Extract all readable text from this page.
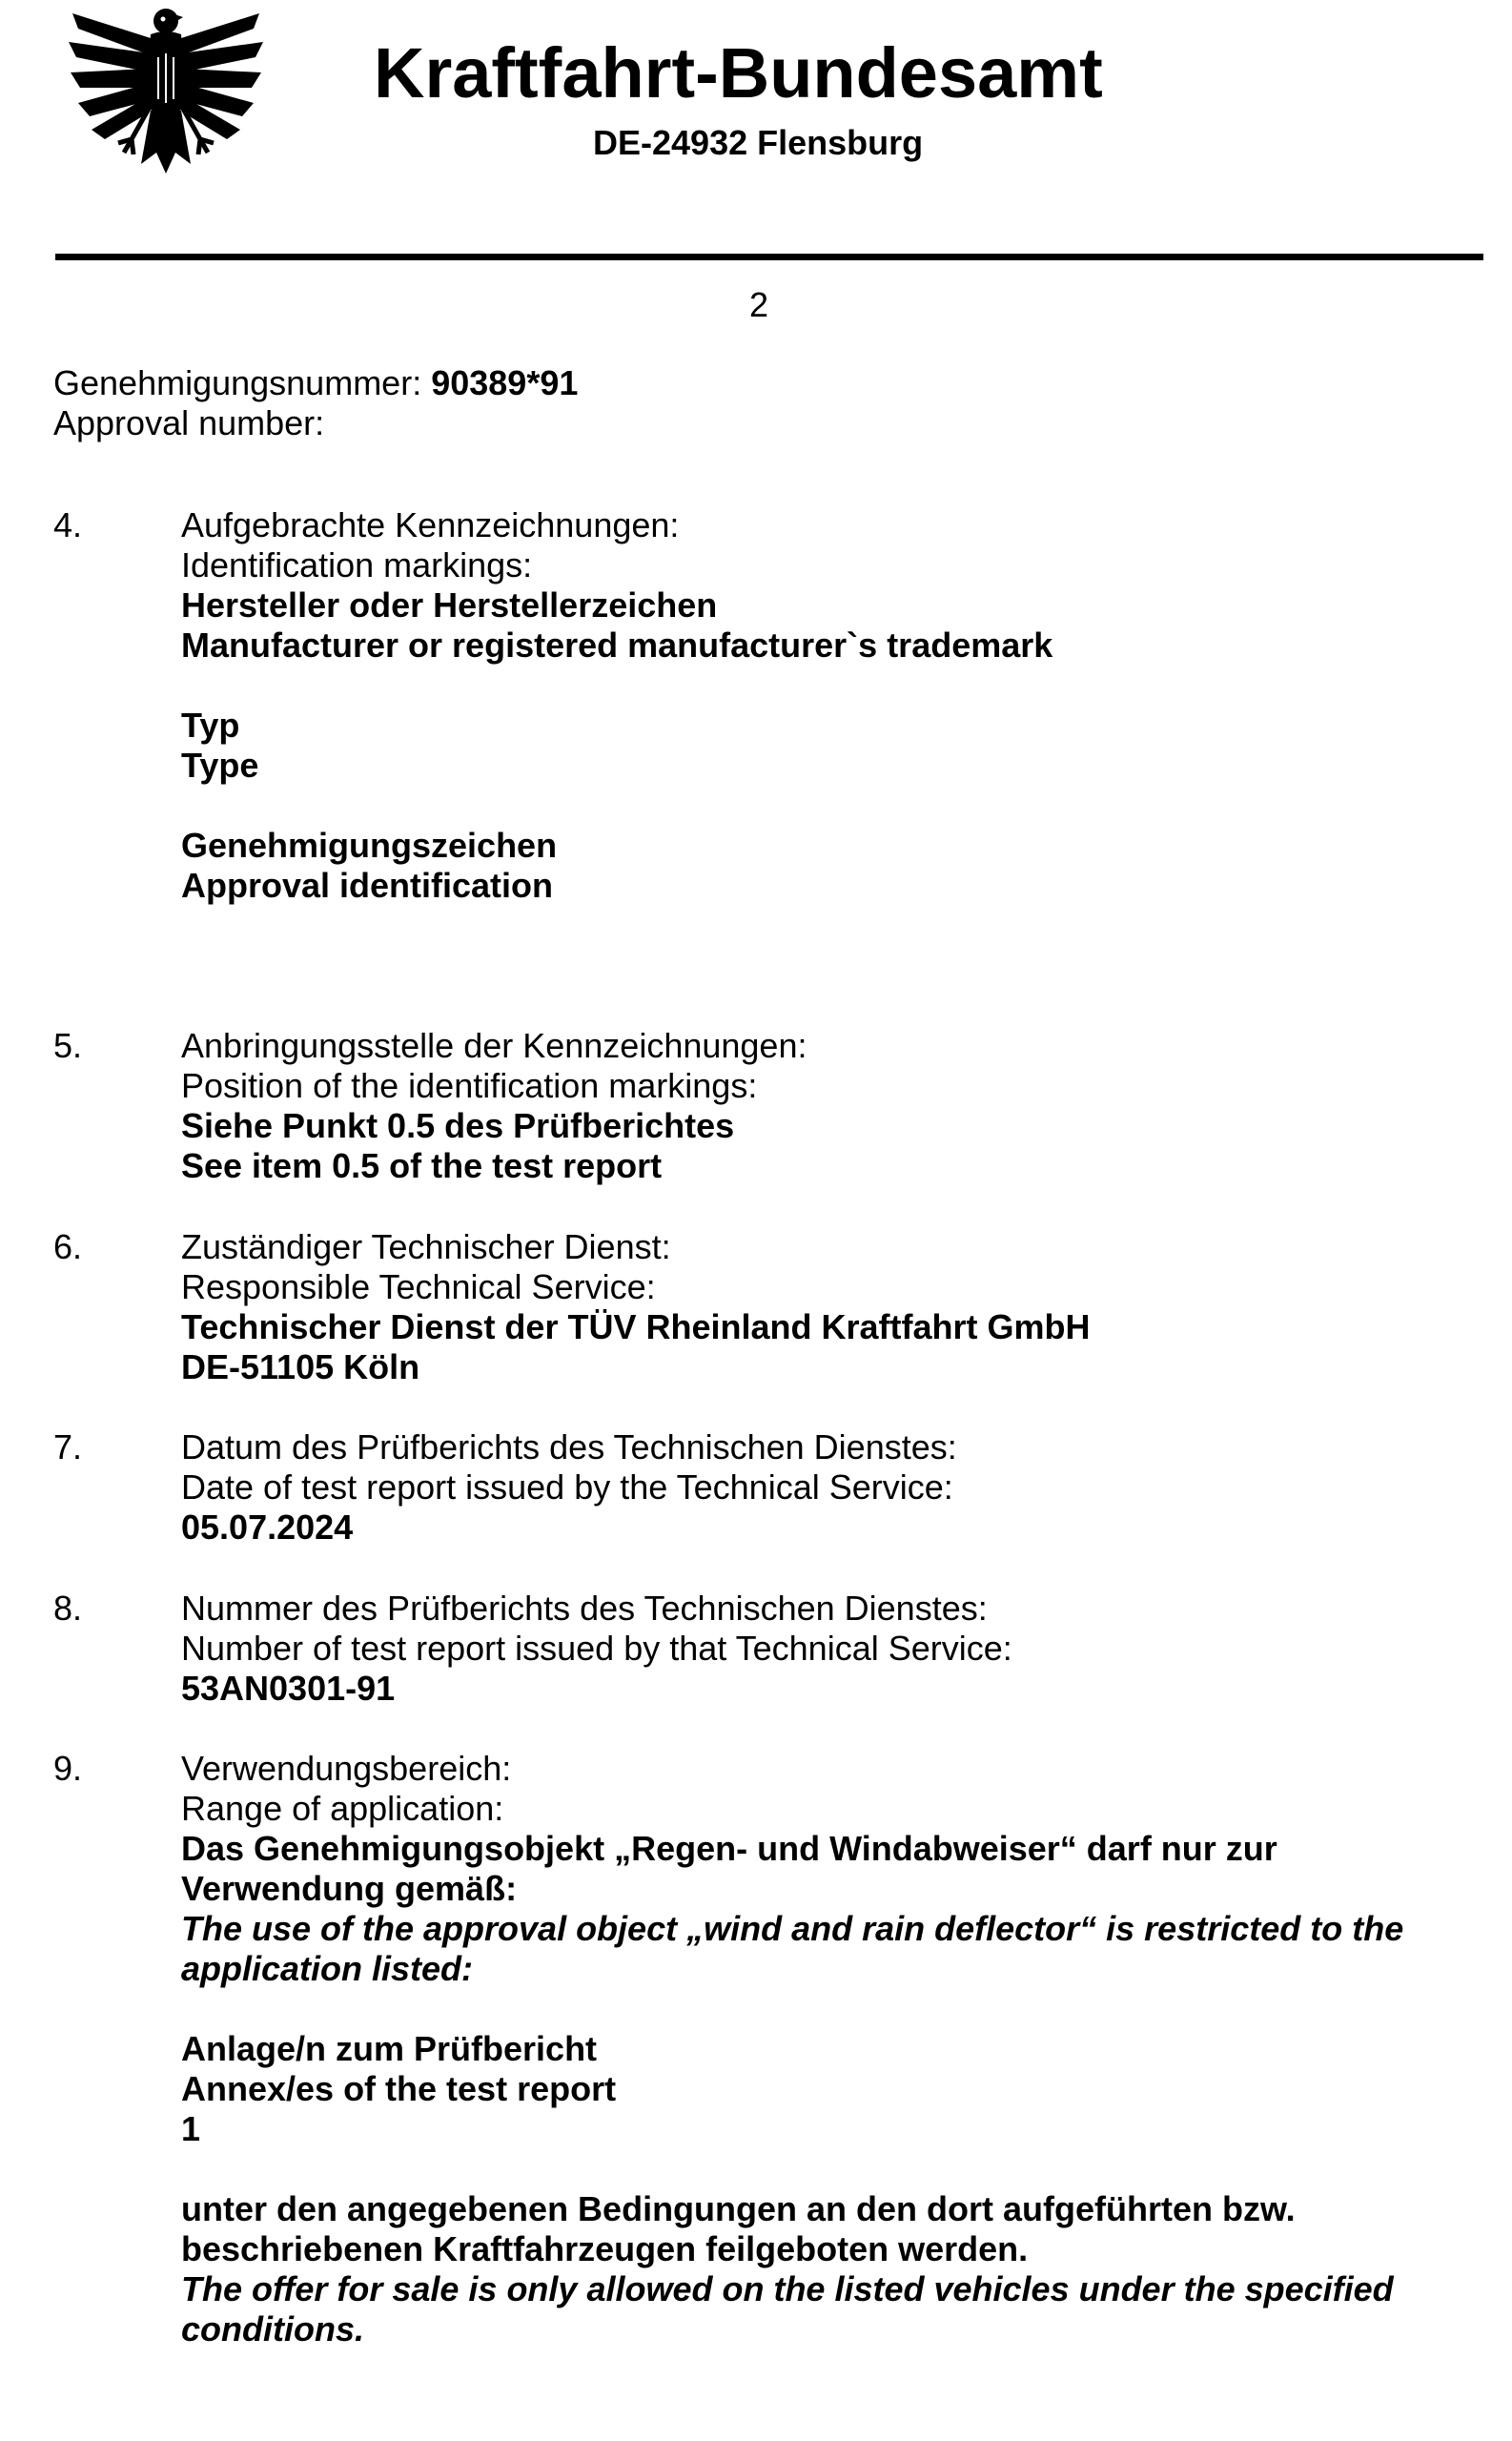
Kraftfahrt-Bundesamt
DE-24932 Flensburg
2
Genehmigungsnummer: 90389*91
Approval number:
4.	Aufgebrachte Kennzeichnungen:
Identification markings:
Hersteller oder Herstellerzeichen
Manufacturer or registered manufacturer`s trademark
Typ
Type
Genehmigungszeichen
Approval identification
5.	Anbringungsstelle der Kennzeichnungen:
Position of the identification markings:
Siehe Punkt 0.5 des Prüfberichtes
See item 0.5 of the test report
6.	Zuständiger Technischer Dienst:
Responsible Technical Service:
Technischer Dienst der TÜV Rheinland Kraftfahrt GmbH
DE-51105 Köln
7.	Datum des Prüfberichts des Technischen Dienstes:
Date of test report issued by the Technical Service:
05.07.2024
8.	Nummer des Prüfberichts des Technischen Dienstes:
Number of test report issued by that Technical Service:
53AN0301-91
9.	Verwendungsbereich:
Range of application:
Das Genehmigungsobjekt „Regen- und Windabweiser“ darf nur zur
Verwendung gemäß:
The use of the approval object „wind and rain deflector“ is restricted to the
application listed:
Anlage/n zum Prüfbericht
Annex/es of the test report
1
unter den angegebenen Bedingungen an den dort aufgeführten bzw.
beschriebenen Kraftfahrzeugen feilgeboten werden.
The offer for sale is only allowed on the listed vehicles under the specified
conditions.
